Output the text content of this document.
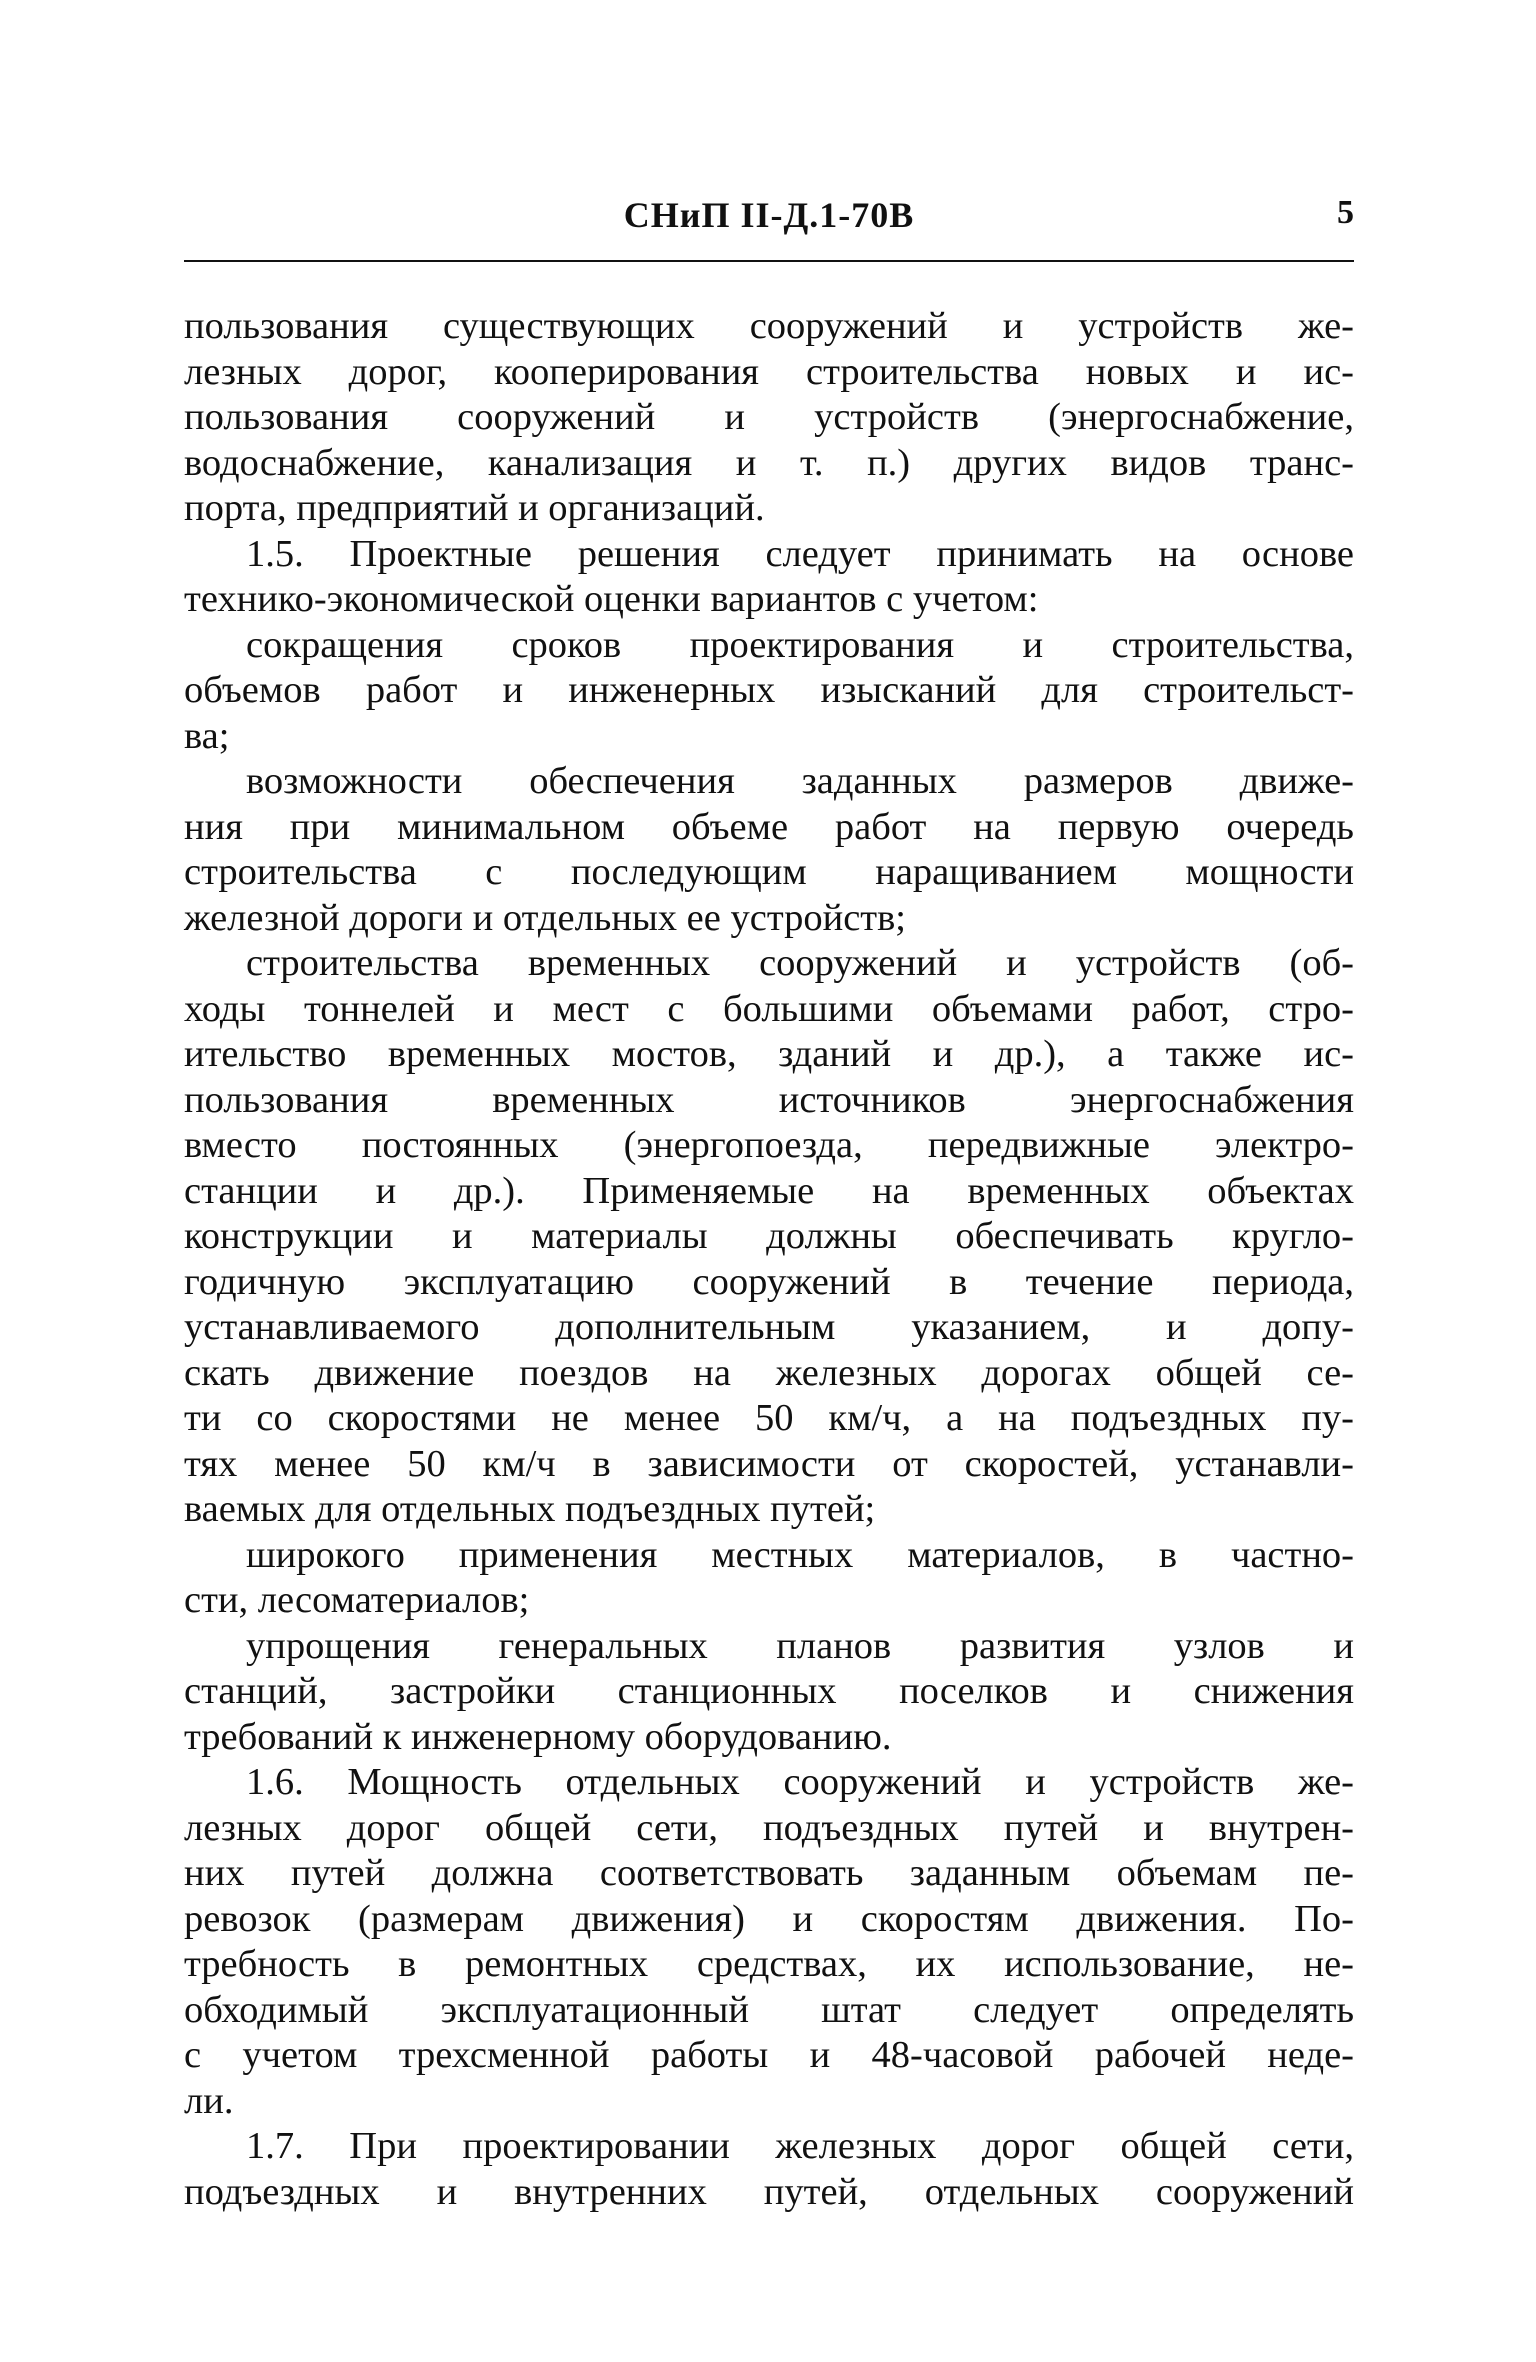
СНиП II-Д.1-70В	5
пользования существующих сооружений и устройств же-
лезных дорог, кооперирования строительства новых и ис-
пользования сооружений и устройств (энергоснабжение,
водоснабжение, канализация и т. п.) других видов транс-
порта, предприятий и организаций.
1.5. Проектные решения следует принимать на основе
технико-экономической оценки вариантов с учетом:
сокращения сроков проектирования и строительства,
объемов работ и инженерных изысканий для строительст-
ва;
возможности обеспечения заданных размеров движе-
ния при минимальном объеме работ на первую очередь
строительства с последующим наращиванием мощности
железной дороги и отдельных ее устройств;
строительства временных сооружений и устройств (об-
ходы тоннелей и мест с большими объемами работ, стро-
ительство временных мостов, зданий и др.), а также ис-
пользования временных источников энергоснабжения
вместо постоянных (энергопоезда, передвижные электро-
станции и др.). Применяемые на временных объектах
конструкции и материалы должны обеспечивать кругло-
годичную эксплуатацию сооружений в течение периода,
устанавливаемого дополнительным указанием, и допу-
скать движение поездов на железных дорогах общей се-
ти со скоростями не менее 50 км/ч, а на подъездных пу-
тях менее 50 км/ч в зависимости от скоростей, устанавли-
ваемых для отдельных подъездных путей;
широкого применения местных материалов, в частно-
сти, лесоматериалов;
упрощения генеральных планов развития узлов и
станций, застройки станционных поселков и снижения
требований к инженерному оборудованию.
1.6. Мощность отдельных сооружений и устройств же-
лезных дорог общей сети, подъездных путей и внутрен-
них путей должна соответствовать заданным объемам пе-
ревозок (размерам движения) и скоростям движения. По-
требность в ремонтных средствах, их использование, не-
обходимый эксплуатационный штат следует определять
с учетом трехсменной работы и 48-часовой рабочей неде-
ли.
1.7. При проектировании железных дорог общей сети,
подъездных и внутренних путей, отдельных сооружений
